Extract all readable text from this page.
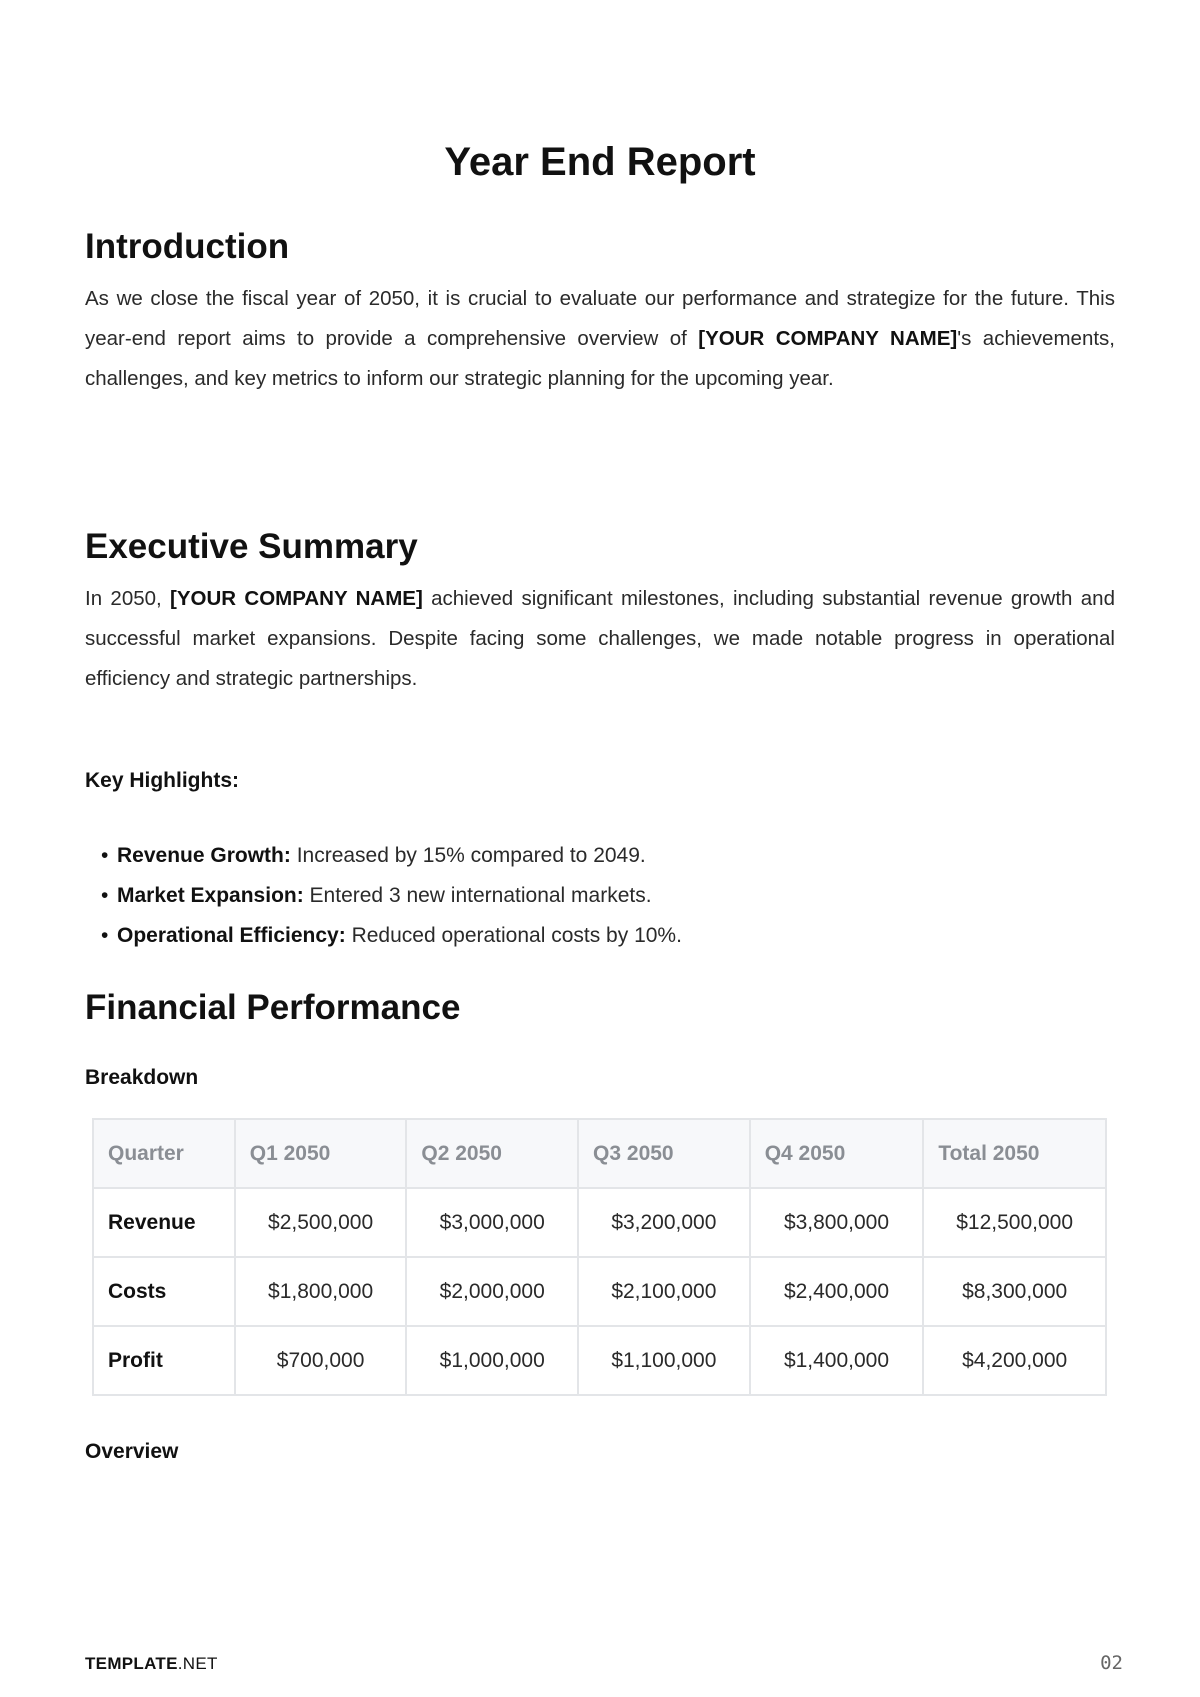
Year End Report
Introduction

As we close the fiscal year of 2050, it is crucial to evaluate our performance and strategize for the future. This year-end report aims to provide a comprehensive overview of [YOUR COMPANY NAME]'s achievements, challenges, and key metrics to inform our strategic planning for the upcoming year.

Executive Summary

In 2050, [YOUR COMPANY NAME] achieved significant milestones, including substantial revenue growth and successful market expansions. Despite facing some challenges, we made notable progress in operational efficiency and strategic partnerships.

Key Highlights:

• Revenue Growth: Increased by 15% compared to 2049.
• Market Expansion: Entered 3 new international markets.
• Operational Efficiency: Reduced operational costs by 10%.
Financial Performance

Breakdown

Quarter	Q1 2050	Q2 2050	Q3 2050	Q4 2050	Total 2050
Revenue	$2,500,000	$3,000,000	$3,200,000	$3,800,000	$12,500,000
Costs	$1,800,000	$2,000,000	$2,100,000	$2,400,000	$8,300,000
Profit	$700,000	$1,000,000	$1,100,000	$1,400,000	$4,200,000

Overview

TEMPLATE.NET	02
